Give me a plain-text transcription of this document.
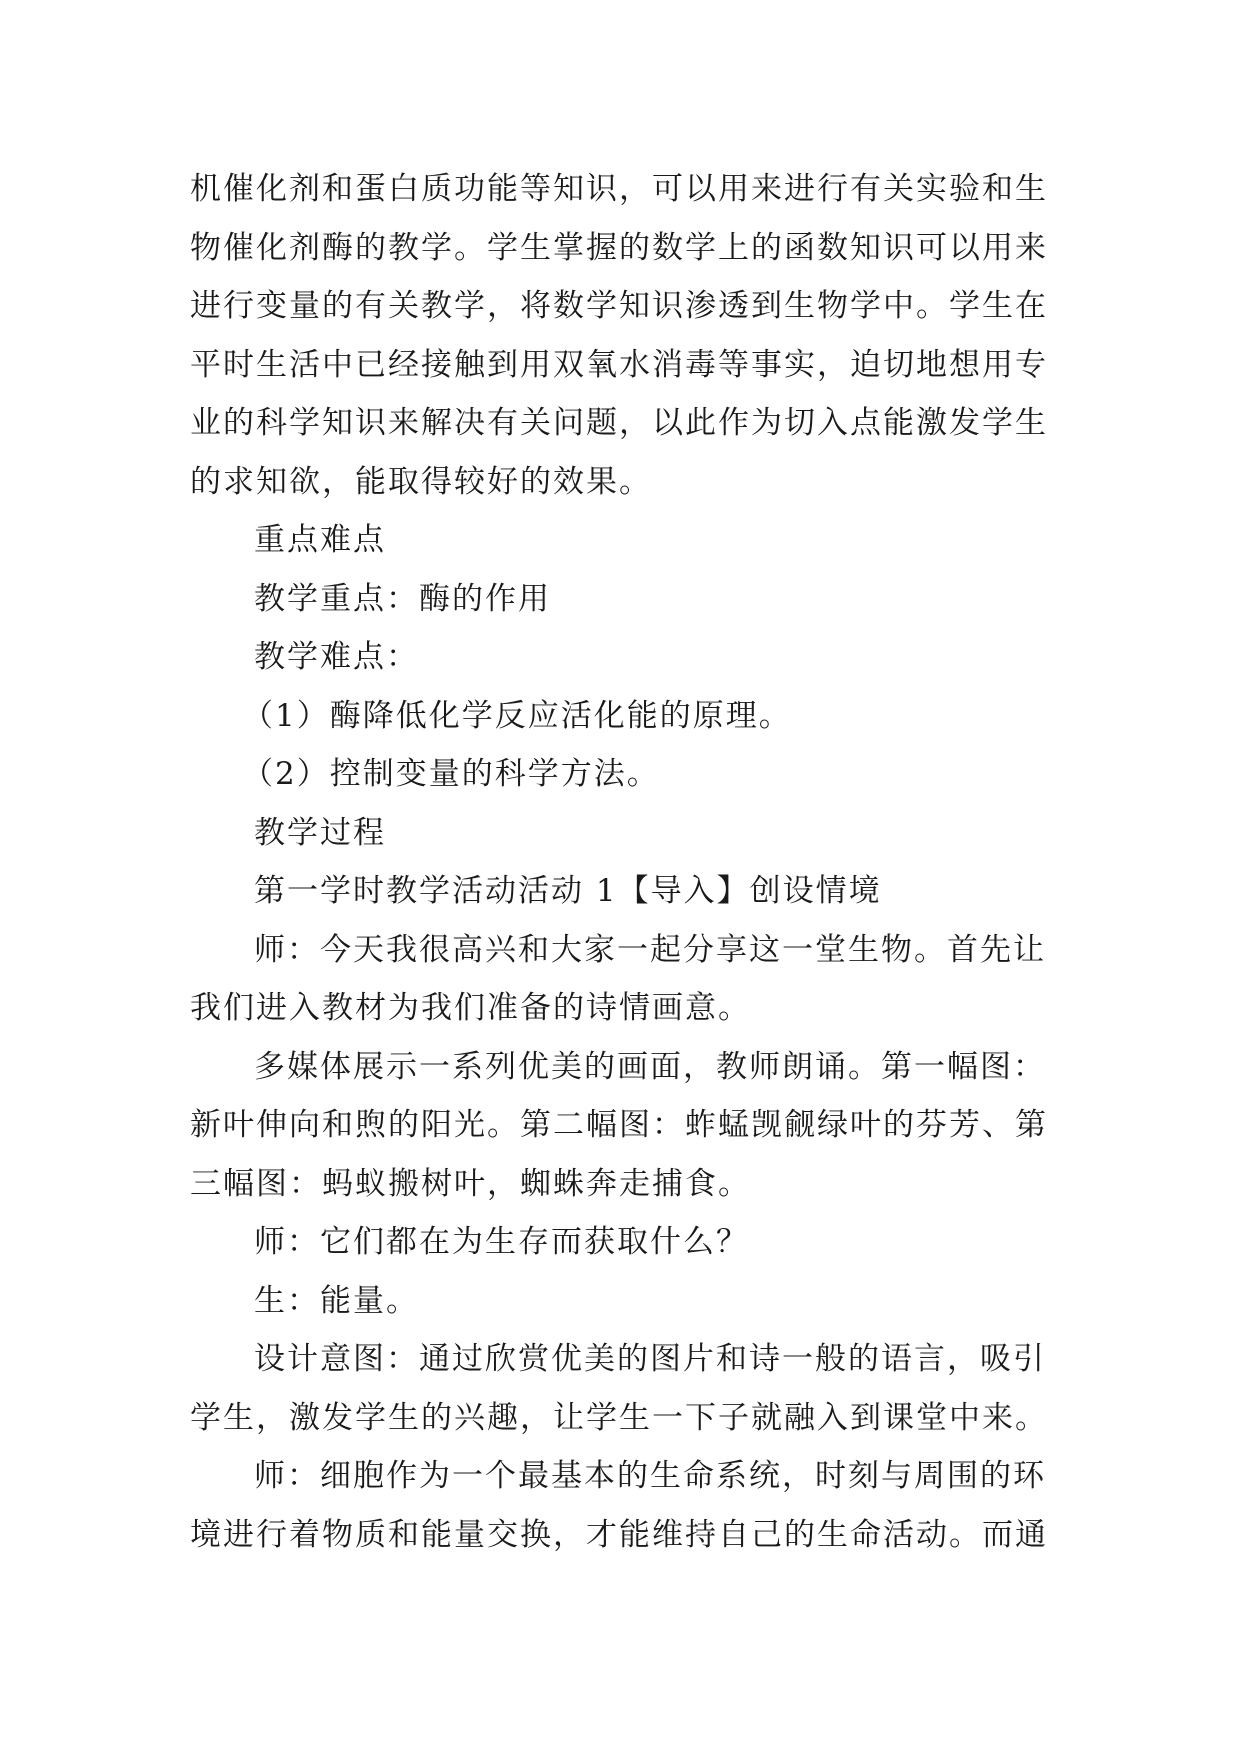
机催化剂和蛋白质功能等知识，可以用来进行有关实验和生
物催化剂酶的教学。学生掌握的数学上的函数知识可以用来
进行变量的有关教学，将数学知识渗透到生物学中。学生在
平时生活中已经接触到用双氧水消毒等事实，迫切地想用专
业的科学知识来解决有关问题，以此作为切入点能激发学生
的求知欲，能取得较好的效果。
重点难点
教学重点：酶的作用
教学难点：
（1）酶降低化学反应活化能的原理。
（2）控制变量的科学方法。
教学过程
第一学时教学活动活动 1【导入】创设情境
师：今天我很高兴和大家一起分享这一堂生物。首先让
我们进入教材为我们准备的诗情画意。
多媒体展示一系列优美的画面，教师朗诵。第一幅图：
新叶伸向和煦的阳光。第二幅图：蚱蜢觊觎绿叶的芬芳、第
三幅图：蚂蚁搬树叶，蜘蛛奔走捕食。
师：它们都在为生存而获取什么？
生：能量。
设计意图：通过欣赏优美的图片和诗一般的语言，吸引
学生，激发学生的兴趣，让学生一下子就融入到课堂中来。
师：细胞作为一个最基本的生命系统，时刻与周围的环
境进行着物质和能量交换，才能维持自己的生命活动。而通
